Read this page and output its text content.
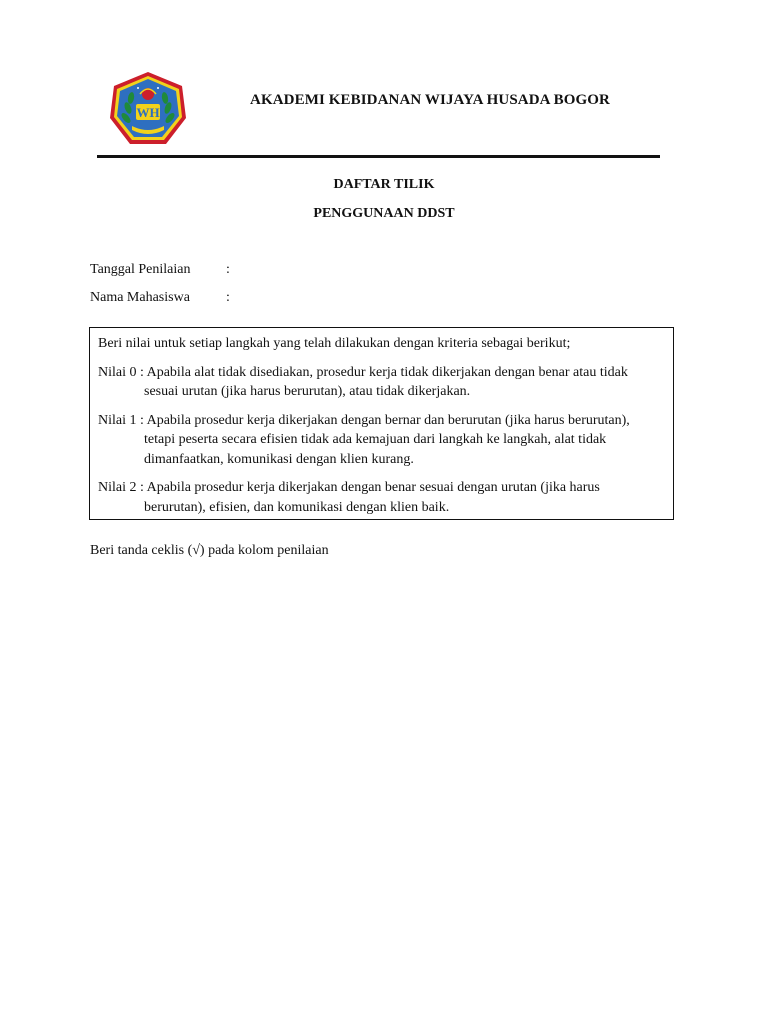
WH
AKADEMI KEBIDANAN WIJAYA HUSADA BOGOR
DAFTAR TILIK
PENGGUNAAN DDST
Tanggal Penilaian	:
Nama Mahasiswa	:

Beri nilai untuk setiap langkah yang telah dilakukan dengan kriteria sebagai berikut;

Nilai 0 : Apabila alat tidak disediakan, prosedur kerja tidak dikerjakan dengan benar atau tidak sesuai urutan (jika harus berurutan), atau tidak dikerjakan.

Nilai 1 : Apabila prosedur kerja dikerjakan dengan bernar dan berurutan (jika harus berurutan), tetapi peserta secara efisien tidak ada kemajuan dari langkah ke langkah, alat tidak dimanfaatkan, komunikasi dengan klien kurang.

Nilai 2 : Apabila prosedur kerja dikerjakan dengan benar sesuai dengan urutan (jika harus berurutan), efisien, dan komunikasi dengan klien baik.

Beri tanda ceklis (√) pada kolom penilaian
